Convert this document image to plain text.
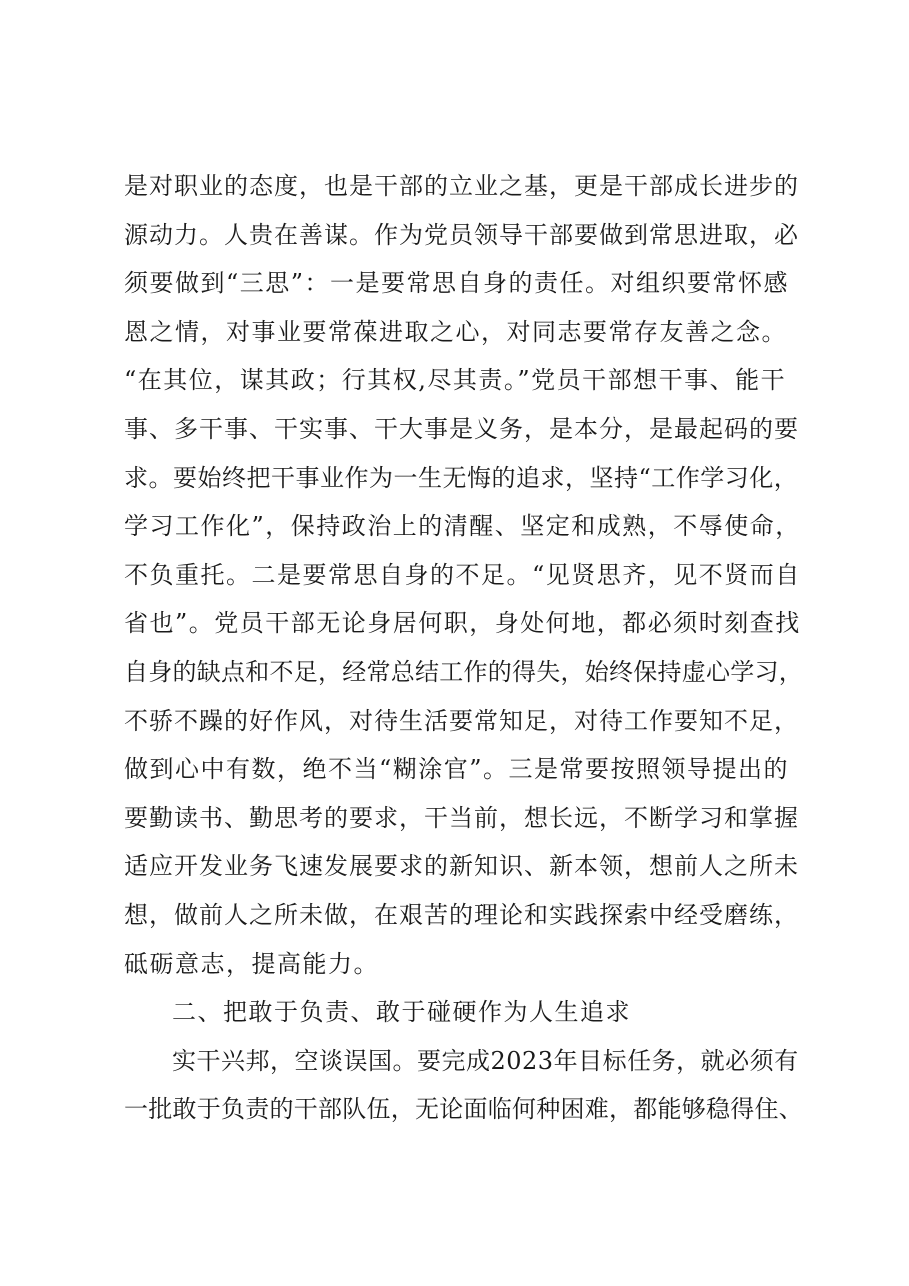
是对职业的态度，也是干部的立业之基，更是干部成长进步的
源动力。人贵在善谋。作为党员领导干部要做到常思进取，必
须要做到“三思”：一是要常思自身的责任。对组织要常怀感
恩之情，对事业要常葆进取之心，对同志要常存友善之念。
“在其位，谋其政；行其权,尽其责。”党员干部想干事、能干
事、多干事、干实事、干大事是义务，是本分，是最起码的要
求。要始终把干事业作为一生无悔的追求，坚持“工作学习化，
学习工作化”，保持政治上的清醒、坚定和成熟，不辱使命，
不负重托。二是要常思自身的不足。“见贤思齐，见不贤而自
省也”。党员干部无论身居何职，身处何地，都必须时刻查找
自身的缺点和不足，经常总结工作的得失，始终保持虚心学习，
不骄不躁的好作风，对待生活要常知足，对待工作要知不足，
做到心中有数，绝不当“糊涂官”。三是常要按照领导提出的
要勤读书、勤思考的要求，干当前，想长远，不断学习和掌握
适应开发业务飞速发展要求的新知识、新本领，想前人之所未
想，做前人之所未做，在艰苦的理论和实践探索中经受磨练，
砥砺意志，提高能力。
二、把敢于负责、敢于碰硬作为人生追求
实干兴邦，空谈误国。要完成2023年目标任务，就必须有
一批敢于负责的干部队伍，无论面临何种困难，都能够稳得住、
